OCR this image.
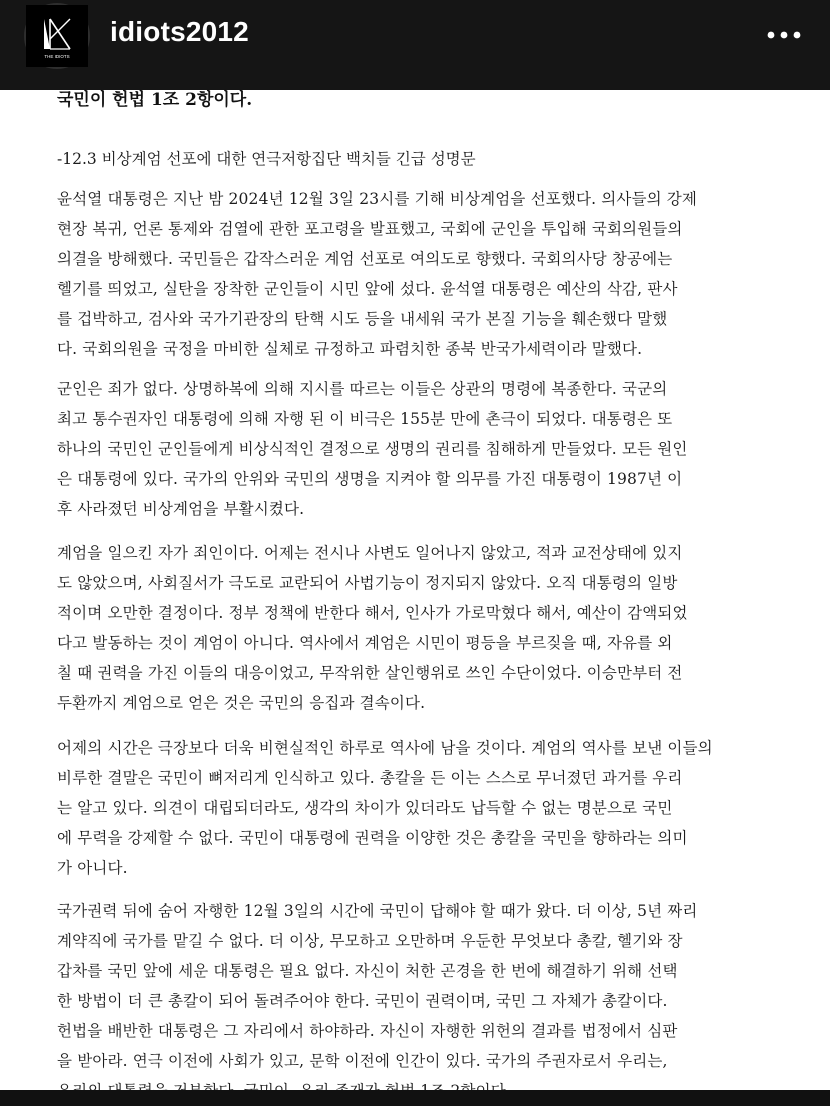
THE IDIOTS
idiots2012
국민이 헌법 1조 2항이다.
-12.3 비상계엄 선포에 대한 연극저항집단 백치들 긴급 성명문
윤석열 대통령은 지난 밤 2024년 12월 3일 23시를 기해 비상계엄을 선포했다. 의사들의 강제
현장 복귀, 언론 통제와 검열에 관한 포고령을 발표했고, 국회에 군인을 투입해 국회의원들의
의결을 방해했다. 국민들은 갑작스러운 계엄 선포로 여의도로 향했다. 국회의사당 창공에는
헬기를 띄었고, 실탄을 장착한 군인들이 시민 앞에 섰다. 윤석열 대통령은 예산의 삭감, 판사
를 겁박하고, 검사와 국가기관장의 탄핵 시도 등을 내세워 국가 본질 기능을 훼손했다 말했
다. 국회의원을 국정을 마비한 실체로 규정하고 파렴치한 종북 반국가세력이라 말했다.
군인은 죄가 없다. 상명하복에 의해 지시를 따르는 이들은 상관의 명령에 복종한다. 국군의
최고 통수권자인 대통령에 의해 자행 된 이 비극은 155분 만에 촌극이 되었다. 대통령은 또
하나의 국민인 군인들에게 비상식적인 결정으로 생명의 권리를 침해하게 만들었다. 모든 원인
은 대통령에 있다. 국가의 안위와 국민의 생명을 지켜야 할 의무를 가진 대통령이 1987년 이
후 사라졌던 비상계엄을 부활시켰다.
계엄을 일으킨 자가 죄인이다. 어제는 전시나 사변도 일어나지 않았고, 적과 교전상태에 있지
도 않았으며, 사회질서가 극도로 교란되어 사법기능이 정지되지 않았다. 오직 대통령의 일방
적이며 오만한 결정이다. 정부 정책에 반한다 해서, 인사가 가로막혔다 해서, 예산이 감액되었
다고 발동하는 것이 계엄이 아니다. 역사에서 계엄은 시민이 평등을 부르짖을 때, 자유를 외
칠 때 권력을 가진 이들의 대응이었고, 무작위한 살인행위로 쓰인 수단이었다. 이승만부터 전
두환까지 계엄으로 얻은 것은 국민의 응집과 결속이다.
어제의 시간은 극장보다 더욱 비현실적인 하루로 역사에 남을 것이다. 계엄의 역사를 보낸 이들의
비루한 결말은 국민이 뼈저리게 인식하고 있다. 총칼을 든 이는 스스로 무너졌던 과거를 우리
는 알고 있다. 의견이 대립되더라도, 생각의 차이가 있더라도 납득할 수 없는 명분으로 국민
에 무력을 강제할 수 없다. 국민이 대통령에 권력을 이양한 것은 총칼을 국민을 향하라는 의미
가 아니다.
국가권력 뒤에 숨어 자행한 12월 3일의 시간에 국민이 답해야 할 때가 왔다. 더 이상, 5년 짜리
계약직에 국가를 맡길 수 없다. 더 이상, 무모하고 오만하며 우둔한 무엇보다 총칼, 헬기와 장
갑차를 국민 앞에 세운 대통령은 필요 없다. 자신이 처한 곤경을 한 번에 해결하기 위해 선택
한 방법이 더 큰 총칼이 되어 돌려주어야 한다. 국민이 권력이며, 국민 그 자체가 총칼이다.
헌법을 배반한 대통령은 그 자리에서 하야하라. 자신이 자행한 위헌의 결과를 법정에서 심판
을 받아라. 연극 이전에 사회가 있고, 문학 이전에 인간이 있다. 국가의 주권자로서 우리는,
